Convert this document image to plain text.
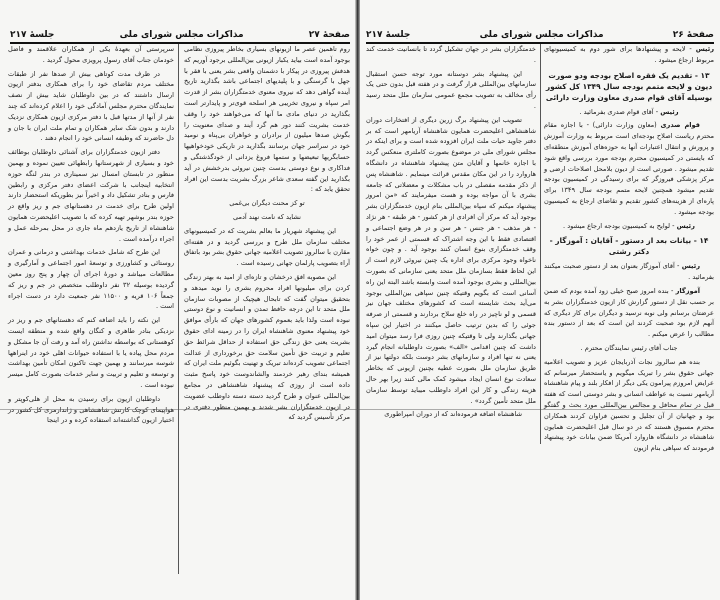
صفحهٔ ۲۷
مذاکرات مجلس شورای ملی
جلسهٔ ۲۱۷

روم تاهمین عصر ما ازیونهای بسیاری بخاطر پیروزی نظامی بوجود آمده است بیاید یکبار ازیونی بین‌المللی برجود آوریم که هدفش پیروزی در پیکار با دشمنان واقعی بشر یعنی با فقر با جهل با گرسنگی و با پلیدیهای اجتماعی باشد بگذارید تاریخ آینده گواهی دهد که نیروی معنوی خدمتگزاران بشر از قدرت امر سپاه و نیروی تخریبی هر اسلحه قوی‌تر و پایدارتر است بگذارید در دنیای مادی ما آنها که می‌خواهند خود را وقف خدمت بشریت کنند دور هم گرد آیند و صدای معنویت را بگوش صدها میلیون از برادران و خواهران بی‌پناه و نومید خود در سراسر جهان برسانند بگذارید در تاریکی خودخواهیها حسابگریها تبعیضها و ستمها فروغ یزدانی از خودگذشتگی و فداکاری و نوع دوستی بدست چنین نیروئی بدرخشش در آید بگذارید این گفته سعدی شاعر بزرگ بشریت بدست این افراد تحقق یابد که :

تو کز محنت دیگران بی‌غمی

نشاید که نامت نهند آدمی

این پیشنهاد شهریار ما بعالم بشریت که در کمیسیونهای مختلف سازمان ملل طرح و بررسی گردید و در هفته‌ای مقارن با سالروز تصویب اعلامیه جهانی حقوق بشر بود باتفاق آراء بتصویب پارلمان جهانی رسیده است .

این مصوبه افق درخشان و تازه‌ای از امید به بهتر زندگی کردن برای میلیونها افراد محروم بشری را نوید میدهد و بتحقیق میتوان گفت که تابحال هیچیک از مصوبات سازمان ملل متحد تا این درجه حافظ تمدن و انسانیت و نوع دوستی نبوده است ولذا باید بعموم کشورهای جهان که بارأی موافق خود پیشنهاد معنوی شاهنشاه ایران را در زمینه ادای حقوق بشریت یعنی حق زندگی حق استفاده از حداقل شرائط حق تعلیم و تربیت حق تأمین سلامت حق برخورداری از عدالت اجتماعی تصویب کرده‌اند تبریک و تهنیت بگوئیم ملت ایران که همیشه بندای رهبر خردمند والشاندوست خود پاسخ مثبت داده است از روزی که پیشنهاد شاهنشاهی در مجامع بین‌المللی عنوان و طرح گردید دسته دسته داوطلب عضویت در ازیون خدمتگزاران بشر شدند و بهمین منظور دفتری در مرکز تأسیس گردید که

سرپرستی آن بعهدهٔ یکی از همکاران علاقمند و فاضل خودمان جناب آقای رسول پرویزی محول گردید .

در ظرف مدت کوتاهی بیش از صدها نفر از طبقات مختلف مردم تقاضای خود را برای همکاری بدفتر ازیون ارسال داشتند که در بین داوطلبان شاید بیش از نصف نمایندگان محترم مجلس آمادگی خود را اعلام کرده‌اند که چند نفر از آنها از مدتها قبل با دفتر مرکزی ازیون همکاری نزدیک دارند و بدون شک سایر همکاران و تمام ملت ایران با جان و دل حاضرند که وظیفه انسانی خود را انجام دهند .

دفتر ازیون خدمتگزاران برای آشنائی داوطلبان بوظائف خود و بسیاری از شهرستانها رابطهائی تعیین نموده و بهمین منظور در تابستان امسال نیز سمیناری در بندر لنگه حوزه انتخابیه اینجانب با شرکت اعضای دفتر مرکزی و رابطین فارس و بنادر تشکیل داد و اخیراً نیز بطوریکه استحضار دارند اولین طرح برای خدمت در دهستانهای جم و ریز واقع در حوزه بندر بوشهر تهیه کرده که با تصویب اعلیحضرت همایون شاهنشاه از تاریخ یازدهم ماه جاری در محل بمرحله عمل و اجراء درآمده است .

این طرح که شامل خدمات بهداشتی و درمانی و عمران روستائی و کشاورزی و توسعهٔ امور اجتماعی و آمارگیری و مطالعات میباشد و دورهٔ اجرای آن چهار و پنج روز معین گردیده بوسیله ۳۲ نفر داوطلب متخصص در جم و ریز که جمعاً ۱۰۶ قریه و ۱۱۵۰۰ نفر جمعیت دارد در دست اجراء است .

این نکته را باید اضافه کنم که دهستانهای جم و ریز در نزدیکی بنادر طاهری و کنگان واقع شده و منطقه ایست کوهستانی که بواسطه نداشتن راه آمد و رفت آن جا مشکل و مردم محل پیاده یا با استفاده حیوانات اهلی خود در اینراهها شوسه میرسانند و بهمین جهت تاکنون امکان تأمین بهداشت و توسعه و تعلیم و تربیت و سایر خدمات بصورت کامل میسر نبوده است .

داوطلبان ازیون برای رسیدن به محل از هلی‌کوپتر و هواپیمای کوچک کارتش شاهنشاهی و ژاندارمری کل کشور در اختیار ازیون گذاشته‌اند استفاده کرده و در اینجا

صفحهٔ ۲۶
مذاکرات مجلس شورای ملی
جلسهٔ ۲۱۷

رئیس - لایحه و پیشنهادها برای شور دوم به کمیسیونهای مربوط ارجاع میشود .

۱۳ - تقدیم یک فقره اصلاح بودجه ودو صورت دیون و لایحه متمم بودجه سال ۱۳۴۹ کل کشور بوسیله آقای قوام صدری معاون وزارت دارائی

رئیس - آقای قوام صدری بفرمائید .

قوام صدری (معاون وزارت دارائی) - با اجازه مقام محترم ریاست اصلاح بودجه‌ای است مربوط به وزارت آموزش و پرورش و انتقال اعتبارات آنها به حوزه‌های آموزش منطقه‌ای که بایستی در کمیسیون محترم بودجه مورد بررسی واقع شود تقدیم میشود . صورتی است از دیون بلامحل اصلاحات ارضی و مرکز پزشکی فیروزگر که برای رسیدگی در کمیسیون بودجه تقدیم میشود همچنین لایحه متمم بودجه سال ۱۳۴۹ برای پاره‌ای از هزینه‌های کشور تقدیم و تقاضای ارجاع به کمیسیون بودجه میشود .

رئیس - لوایح به کمیسیون بودجه ارجاع میشود .

۱۴ - بیانات بعد از دستور - آقایان : آموزگار - دکتر رشتی

رئیس - آقای آموزگار بعنوان بعد از دستور صحبت میکنند بفرمائید .

آموزگار - بنده امروز صبح خیلی زود آمده بودم که ضمن بر حسب نقل از دستور گزارش کار ازیون خدمتگزاران بشر به عرضتان برسانم ولی نوبه نرسید و دیگران برای کار دیگری که آنهم لازم بود صحبت کردند این است که بعد از دستور بنده مطالب را عرض میکنم .

جناب آقای رئیس نمایندگان محترم .

بنده هم سالروز نجات آذربایجان عزیز و تصویب اعلامیه جهانی حقوق بشر را تبریک میگویم و یاستحضار میرسانم که عرایض امروزم پیرامون یکی دیگر از افکار بلند و پیام شاهنشاه آریامهر نسبت به عواطف انسانی و بشر دوستی است که هفته قبل در تمام محافل و مجالس بین‌المللی مورد بحث و گفتگو بود و جهانیان از آن تجلیل و تحسین فراوان کردند همکاران محترم مسبوق هستند که در دو سال قبل اعلیحضرت همایون شاهنشاه در دانشگاه هاروارد آمریکا ضمن بیانات خود پیشنهاد فرمودند که سپاهی بنام ازیون

خدمتگزاران بشر در جهان تشکیل گردد تا بانسانیت خدمت کند .

این پیشنهاد بشر دوستانه مورد توجه حسن استقبال سازمانهای بین‌المللی قرار گرفت و در هفته قبل بدون حتی یک رأی مخالف به تصویب مجمع عمومی سازمان ملل متحد رسید .

تصویب این پیشنهاد برگ زرین دیگری از افتخارات دوران شاهنشاهی اعلیحضرت همایون شاهنشاه آریامهر است که بر دفتر جاوید حیات ملت ایران افزوده شده است و برای اینکه در مجلس شورای ملی در موضوع بصورت کاملتری منعکس گردد با اجازه خانمها و آقایان متن پیشنهاد شاهنشاه در دانشگاه هاروارد را در این مکان مقدس قرائت مینمایم . شاهنشاه پس از ذکر مقدمه مفصلی در باب مشکلات و معضلاتی که جامعه بشری با آن مواجه بوده و هست میفرمایند که «من امروز پیشنهاد میکنم که سپاه بین‌المللی بنام ازیون خدمتگزاران بشر بوجود آید که مرکز آن افرادی از هر کشور - هر طبقه - هر نژاد - هر مذهب - هر جنس - هر سن و در هر وضع اجتماعی و اقتصادی فقط با این وجه اشتراک که قسمتی از عمر خود را وقف خدمتگزاری بنوع انسان کنند بوجود آید . و چون خواه ناخواه وجود مرکزی برای اداره یک چنین نیروئی لازم است از این لحاظ فقط بسازمان ملل متحد یعنی سازمانی که بصورت بین‌المللی و بشری بوجود آمده است وابسته باشد البته این راه آسانی است که بگویم وقتیکه چنین سپاهی بین‌المللی بوجود می‌آید بحث شایسته است که کشورهای مختلف جهان نیز قسمی و لو ناچیز در راه خلع سلاح بردارند و قسمتی از صرفه جوئی را که بدین ترتیب حاصل میکنند در اختیار این سپاه جهانی بگذارند ولی تا وقتیکه چنین روزی فرا رسد میتوان امید داشت که چنین اقدامی «الف» بصورت داوطلبانه انجام گیرد یعنی نه تنها افراد و سازمانهای بشر دوست بلکه دولتها نیز از طریق سازمان ملل بصورت عطیه بچنین ازیونی که بخاطر سعادت نوع انسان ایجاد میشود کمک مالی کنند زیرا بهر حال هزینه زندگی و کار این افراد داوطلب میباید توسط سازمان ملل متحد تأمین گردد» .

شاهنشاه اضافه فرموده‌اند که از دوران امپراطوری
